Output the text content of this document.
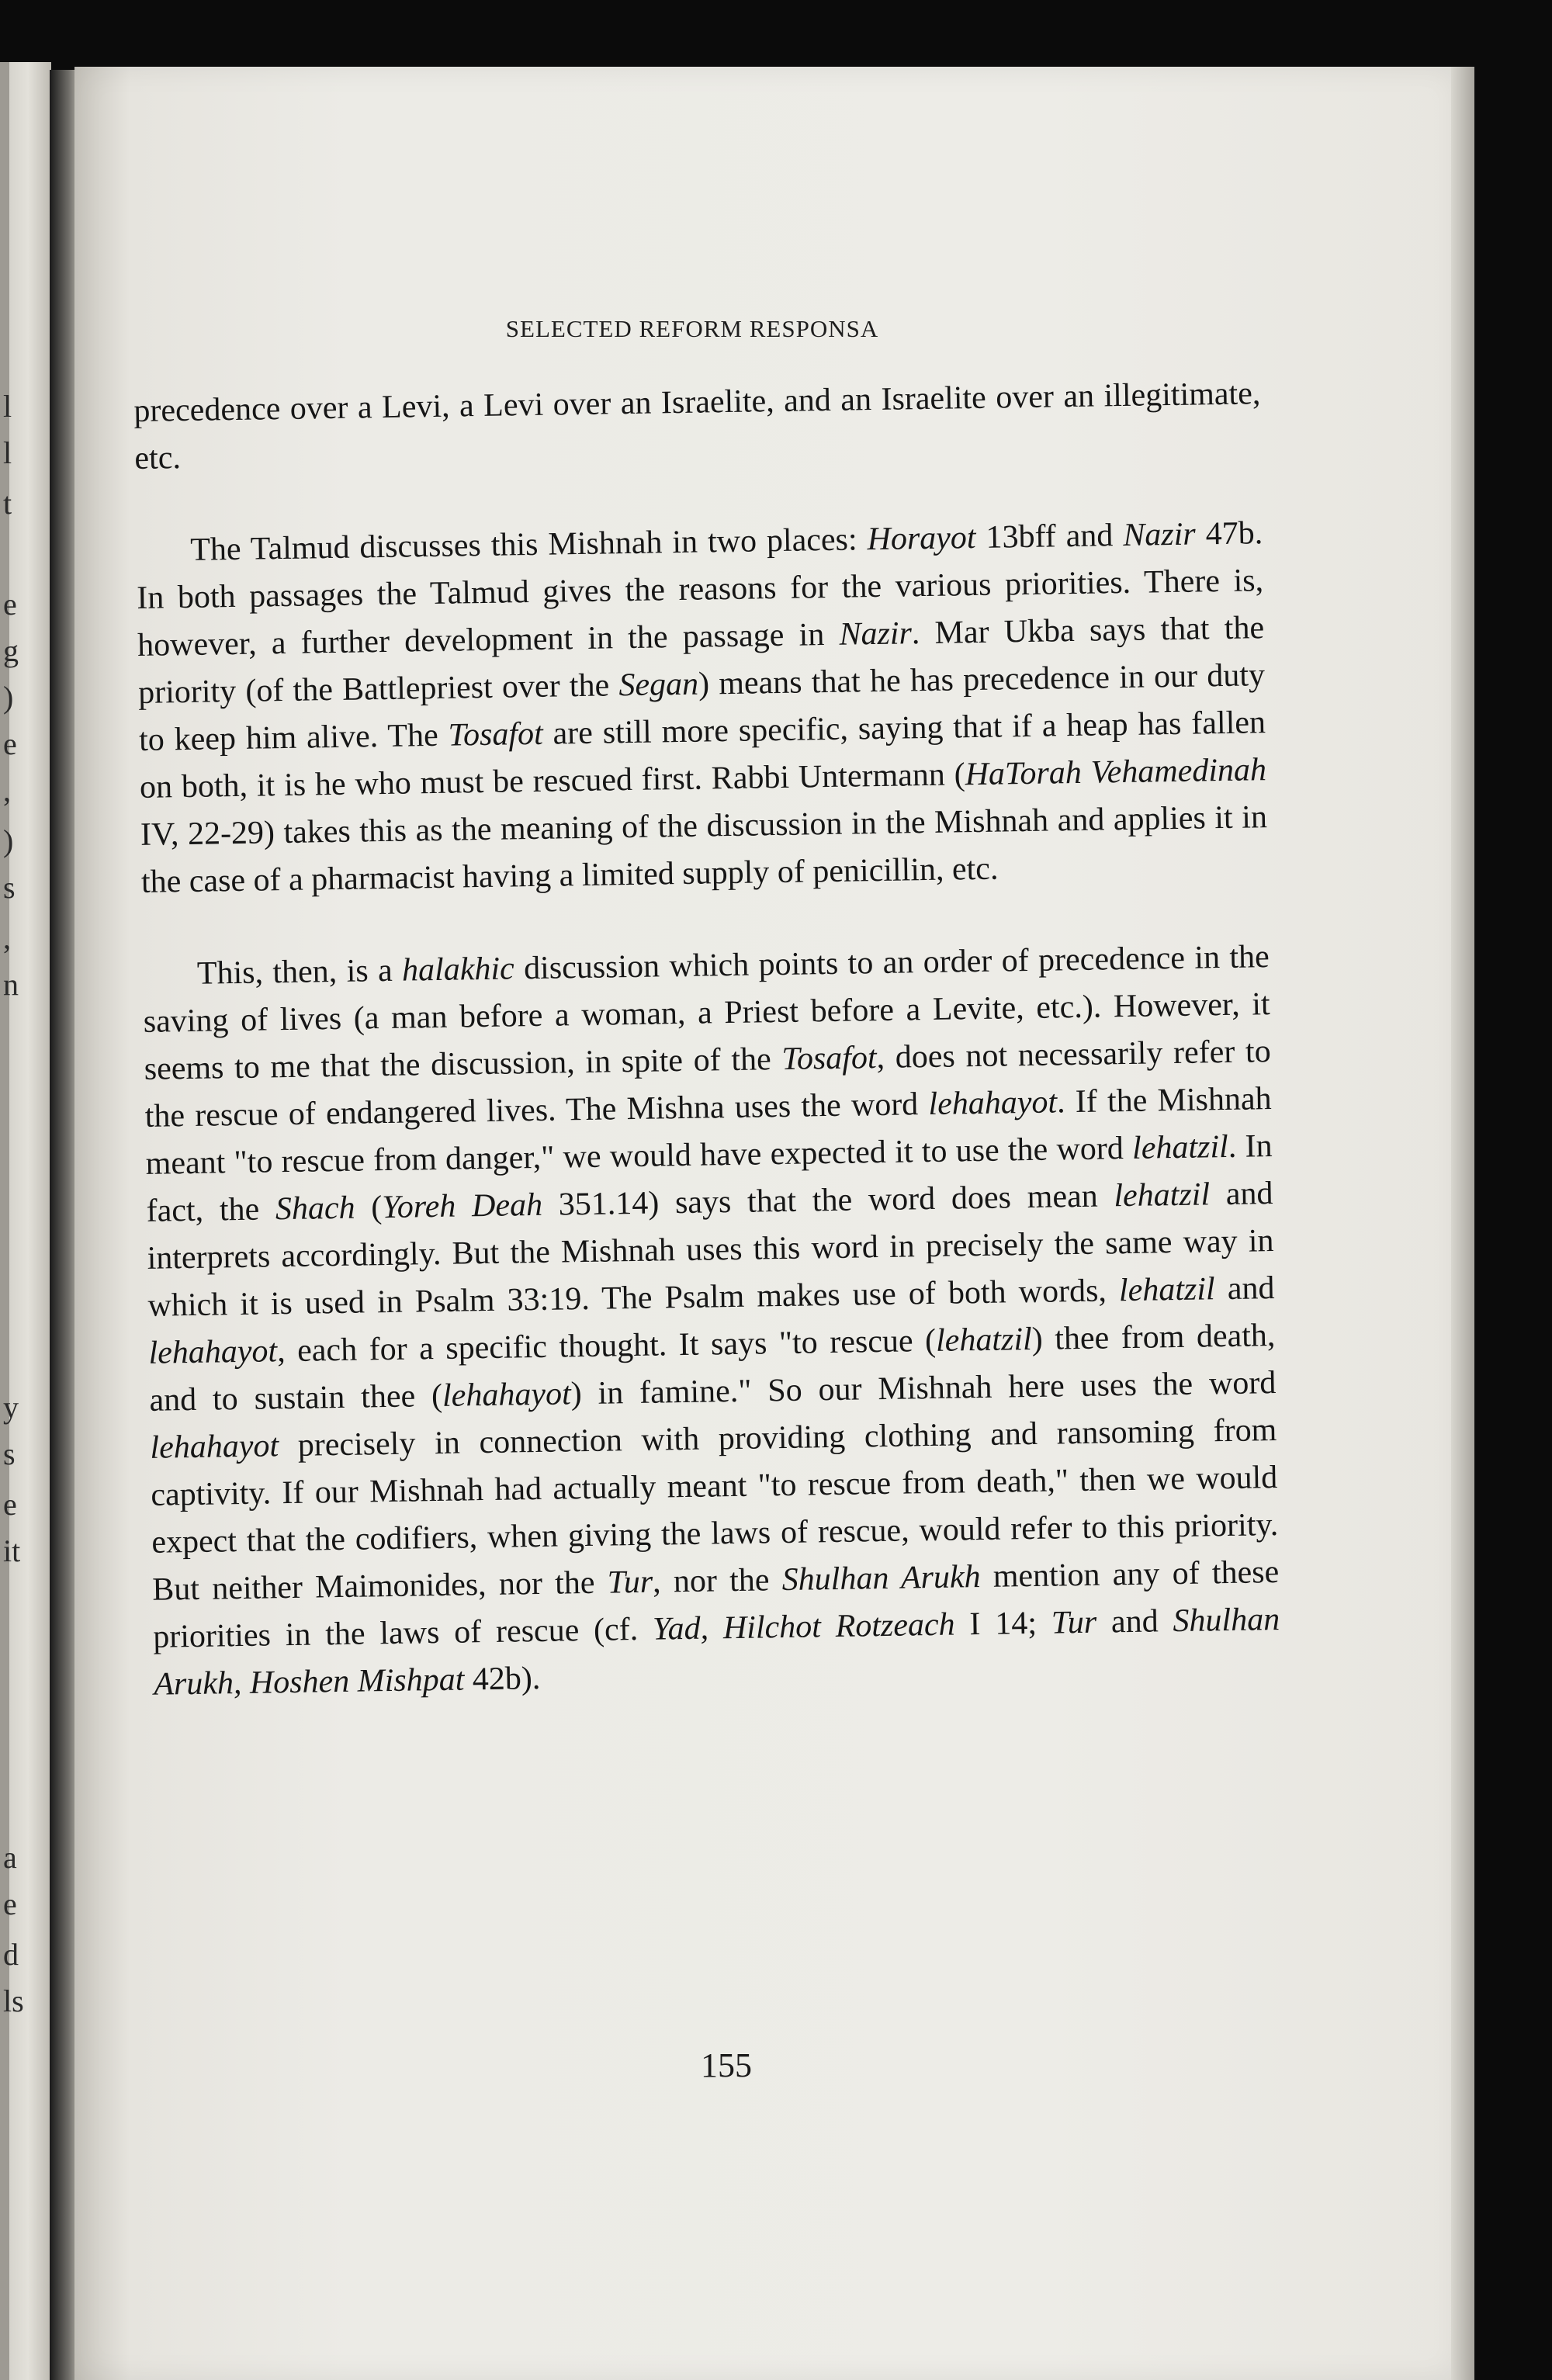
l
l
t
e
g
)
e
,
)
s
,
n
y
s
e
it
a
e
d
ls
SELECTED REFORM RESPONSA

precedence over a Levi, a Levi over an Israelite, and an Israelite over an illegitimate, etc.

The Talmud discusses this Mishnah in two places: Horayot 13bff and Nazir 47b. In both passages the Talmud gives the reasons for the various priorities. There is, however, a further development in the passage in Nazir. Mar Ukba says that the priority (of the Battlepriest over the Segan) means that he has precedence in our duty to keep him alive. The Tosafot are still more specific, saying that if a heap has fallen on both, it is he who must be rescued first. Rabbi Untermann (HaTorah Vehamedinah IV, 22-29) takes this as the meaning of the discussion in the Mishnah and applies it in the case of a pharmacist having a limited supply of penicillin, etc.

This, then, is a halakhic discussion which points to an order of precedence in the saving of lives (a man before a woman, a Priest before a Levite, etc.). However, it seems to me that the discussion, in spite of the Tosafot, does not necessarily refer to the rescue of endangered lives. The Mishna uses the word lehahayot. If the Mishnah meant "to rescue from danger," we would have expected it to use the word lehatzil. In fact, the Shach (Yoreh Deah 351.14) says that the word does mean lehatzil and interprets accordingly. But the Mishnah uses this word in precisely the same way in which it is used in Psalm 33:19. The Psalm makes use of both words, lehatzil and lehahayot, each for a specific thought. It says "to rescue (lehatzil) thee from death, and to sustain thee (lehahayot) in famine." So our Mishnah here uses the word lehahayot precisely in connection with providing clothing and ransoming from captivity. If our Mishnah had actually meant "to rescue from death," then we would expect that the codifiers, when giving the laws of rescue, would refer to this priority. But neither Maimonides, nor the Tur, nor the Shulhan Arukh mention any of these priorities in the laws of rescue (cf. Yad, Hilchot Rotzeach I 14; Tur and Shulhan Arukh, Hoshen Mishpat 42b).

155
